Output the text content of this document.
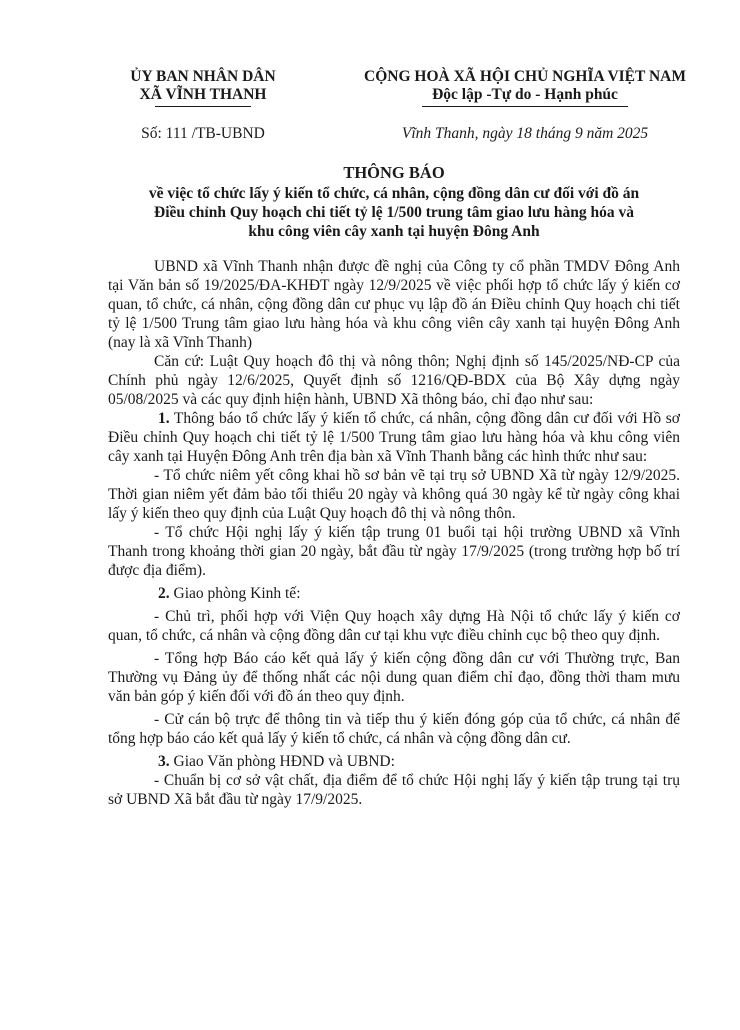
ỦY BAN NHÂN DÂN

XÃ VĨNH THANH

CỘNG HOÀ XÃ HỘI CHỦ NGHĨA VIỆT NAM

Độc lập -Tự do - Hạnh phúc

Số: 111 /TB-UBND	Vĩnh Thanh, ngày 18 tháng 9 năm 2025
THÔNG BÁO
về việc tổ chức lấy ý kiến tổ chức, cá nhân, cộng đồng dân cư đối với đồ án
Điều chỉnh Quy hoạch chi tiết tỷ lệ 1/500 trung tâm giao lưu hàng hóa và
khu công viên cây xanh tại huyện Đông Anh

UBND xã Vĩnh Thanh nhận được đề nghị của Công ty cổ phần TMDV Đông Anh tại Văn bản số 19/2025/ĐA-KHĐT ngày 12/9/2025 về việc phối hợp tổ chức lấy ý kiến cơ quan, tổ chức, cá nhân, cộng đồng dân cư phục vụ lập đồ án Điều chỉnh Quy hoạch chi tiết tỷ lệ 1/500 Trung tâm giao lưu hàng hóa và khu công viên cây xanh tại huyện Đông Anh (nay là xã Vĩnh Thanh)

Căn cứ: Luật Quy hoạch đô thị và nông thôn; Nghị định số 145/2025/NĐ-CP của Chính phủ ngày 12/6/2025, Quyết định số 1216/QĐ-BDX của Bộ Xây dựng ngày 05/08/2025 và các quy định hiện hành, UBND Xã thông báo, chỉ đạo như sau:

1. Thông báo tổ chức lấy ý kiến tổ chức, cá nhân, cộng đồng dân cư đối với Hồ sơ Điều chỉnh Quy hoạch chi tiết tỷ lệ 1/500 Trung tâm giao lưu hàng hóa và khu công viên cây xanh tại Huyện Đông Anh trên địa bàn xã Vĩnh Thanh bằng các hình thức như sau:

- Tổ chức niêm yết công khai hồ sơ bản vẽ tại trụ sở UBND Xã từ ngày 12/9/2025. Thời gian niêm yết đảm bảo tối thiểu 20 ngày và không quá 30 ngày kể từ ngày công khai lấy ý kiến theo quy định của Luật Quy hoạch đô thị và nông thôn.

- Tổ chức Hội nghị lấy ý kiến tập trung 01 buổi tại hội trường UBND xã Vĩnh Thanh trong khoảng thời gian 20 ngày, bắt đầu từ ngày 17/9/2025 (trong trường hợp bố trí được địa điểm).

2. Giao phòng Kinh tế:

- Chủ trì, phối hợp với Viện Quy hoạch xây dựng Hà Nội tổ chức lấy ý kiến cơ quan, tổ chức, cá nhân và cộng đồng dân cư tại khu vực điều chỉnh cục bộ theo quy định.

- Tổng hợp Báo cáo kết quả lấy ý kiến cộng đồng dân cư với Thường trực, Ban Thường vụ Đảng ủy để thống nhất các nội dung quan điểm chỉ đạo, đồng thời tham mưu văn bản góp ý kiến đối với đồ án theo quy định.

- Cử cán bộ trực để thông tin và tiếp thu ý kiến đóng góp của tổ chức, cá nhân để tổng hợp báo cáo kết quả lấy ý kiến tổ chức, cá nhân và cộng đồng dân cư.

3. Giao Văn phòng HĐND và UBND:

- Chuẩn bị cơ sở vật chất, địa điểm để tổ chức Hội nghị lấy ý kiến tập trung tại trụ sở UBND Xã bắt đầu từ ngày 17/9/2025.
